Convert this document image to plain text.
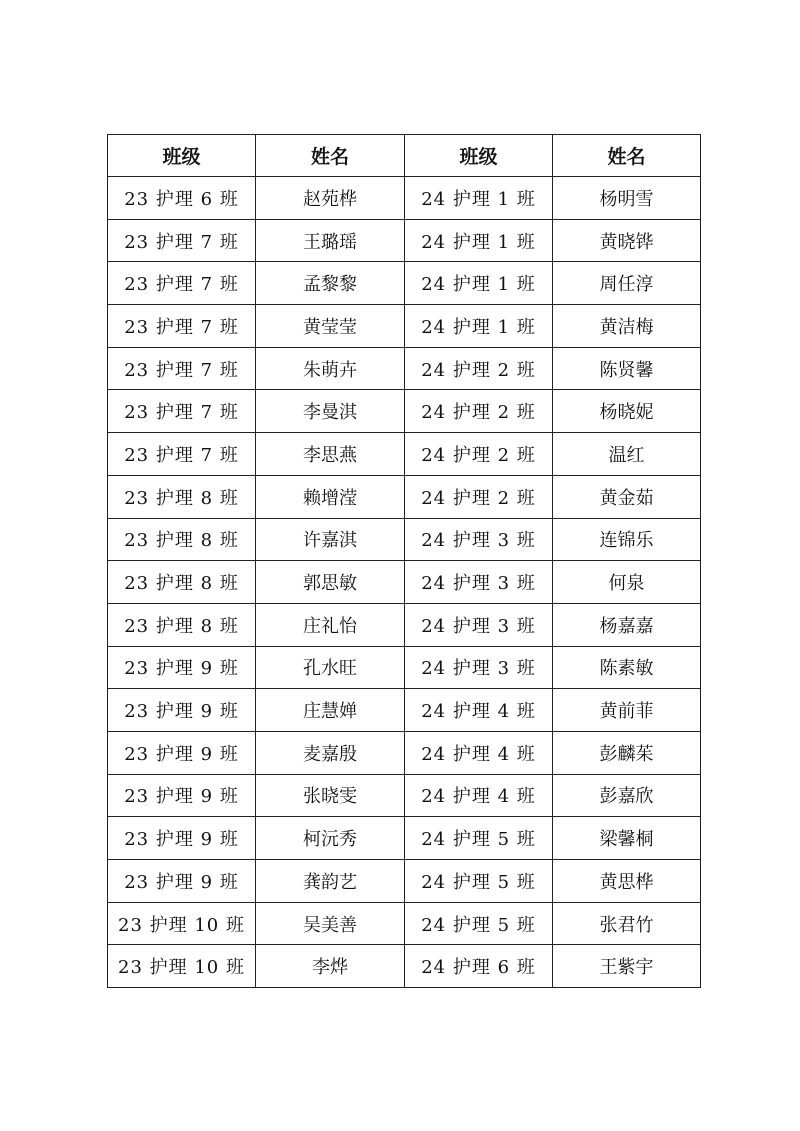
班级	姓名	班级	姓名
23 护理 6 班	赵苑桦	24 护理 1 班	杨明雪
23 护理 7 班	王璐瑶	24 护理 1 班	黄晓铧
23 护理 7 班	孟黎黎	24 护理 1 班	周任淳
23 护理 7 班	黄莹莹	24 护理 1 班	黄洁梅
23 护理 7 班	朱萌卉	24 护理 2 班	陈贤馨
23 护理 7 班	李曼淇	24 护理 2 班	杨晓妮
23 护理 7 班	李思燕	24 护理 2 班	温红
23 护理 8 班	赖增滢	24 护理 2 班	黄金茹
23 护理 8 班	许嘉淇	24 护理 3 班	连锦乐
23 护理 8 班	郭思敏	24 护理 3 班	何泉
23 护理 8 班	庄礼怡	24 护理 3 班	杨嘉嘉
23 护理 9 班	孔水旺	24 护理 3 班	陈素敏
23 护理 9 班	庄慧婵	24 护理 4 班	黄前菲
23 护理 9 班	麦嘉殷	24 护理 4 班	彭麟茱
23 护理 9 班	张晓雯	24 护理 4 班	彭嘉欣
23 护理 9 班	柯沅秀	24 护理 5 班	梁馨桐
23 护理 9 班	龚韵艺	24 护理 5 班	黄思桦
23 护理 10 班	吴美善	24 护理 5 班	张君竹
23 护理 10 班	李烨	24 护理 6 班	王紫宇
